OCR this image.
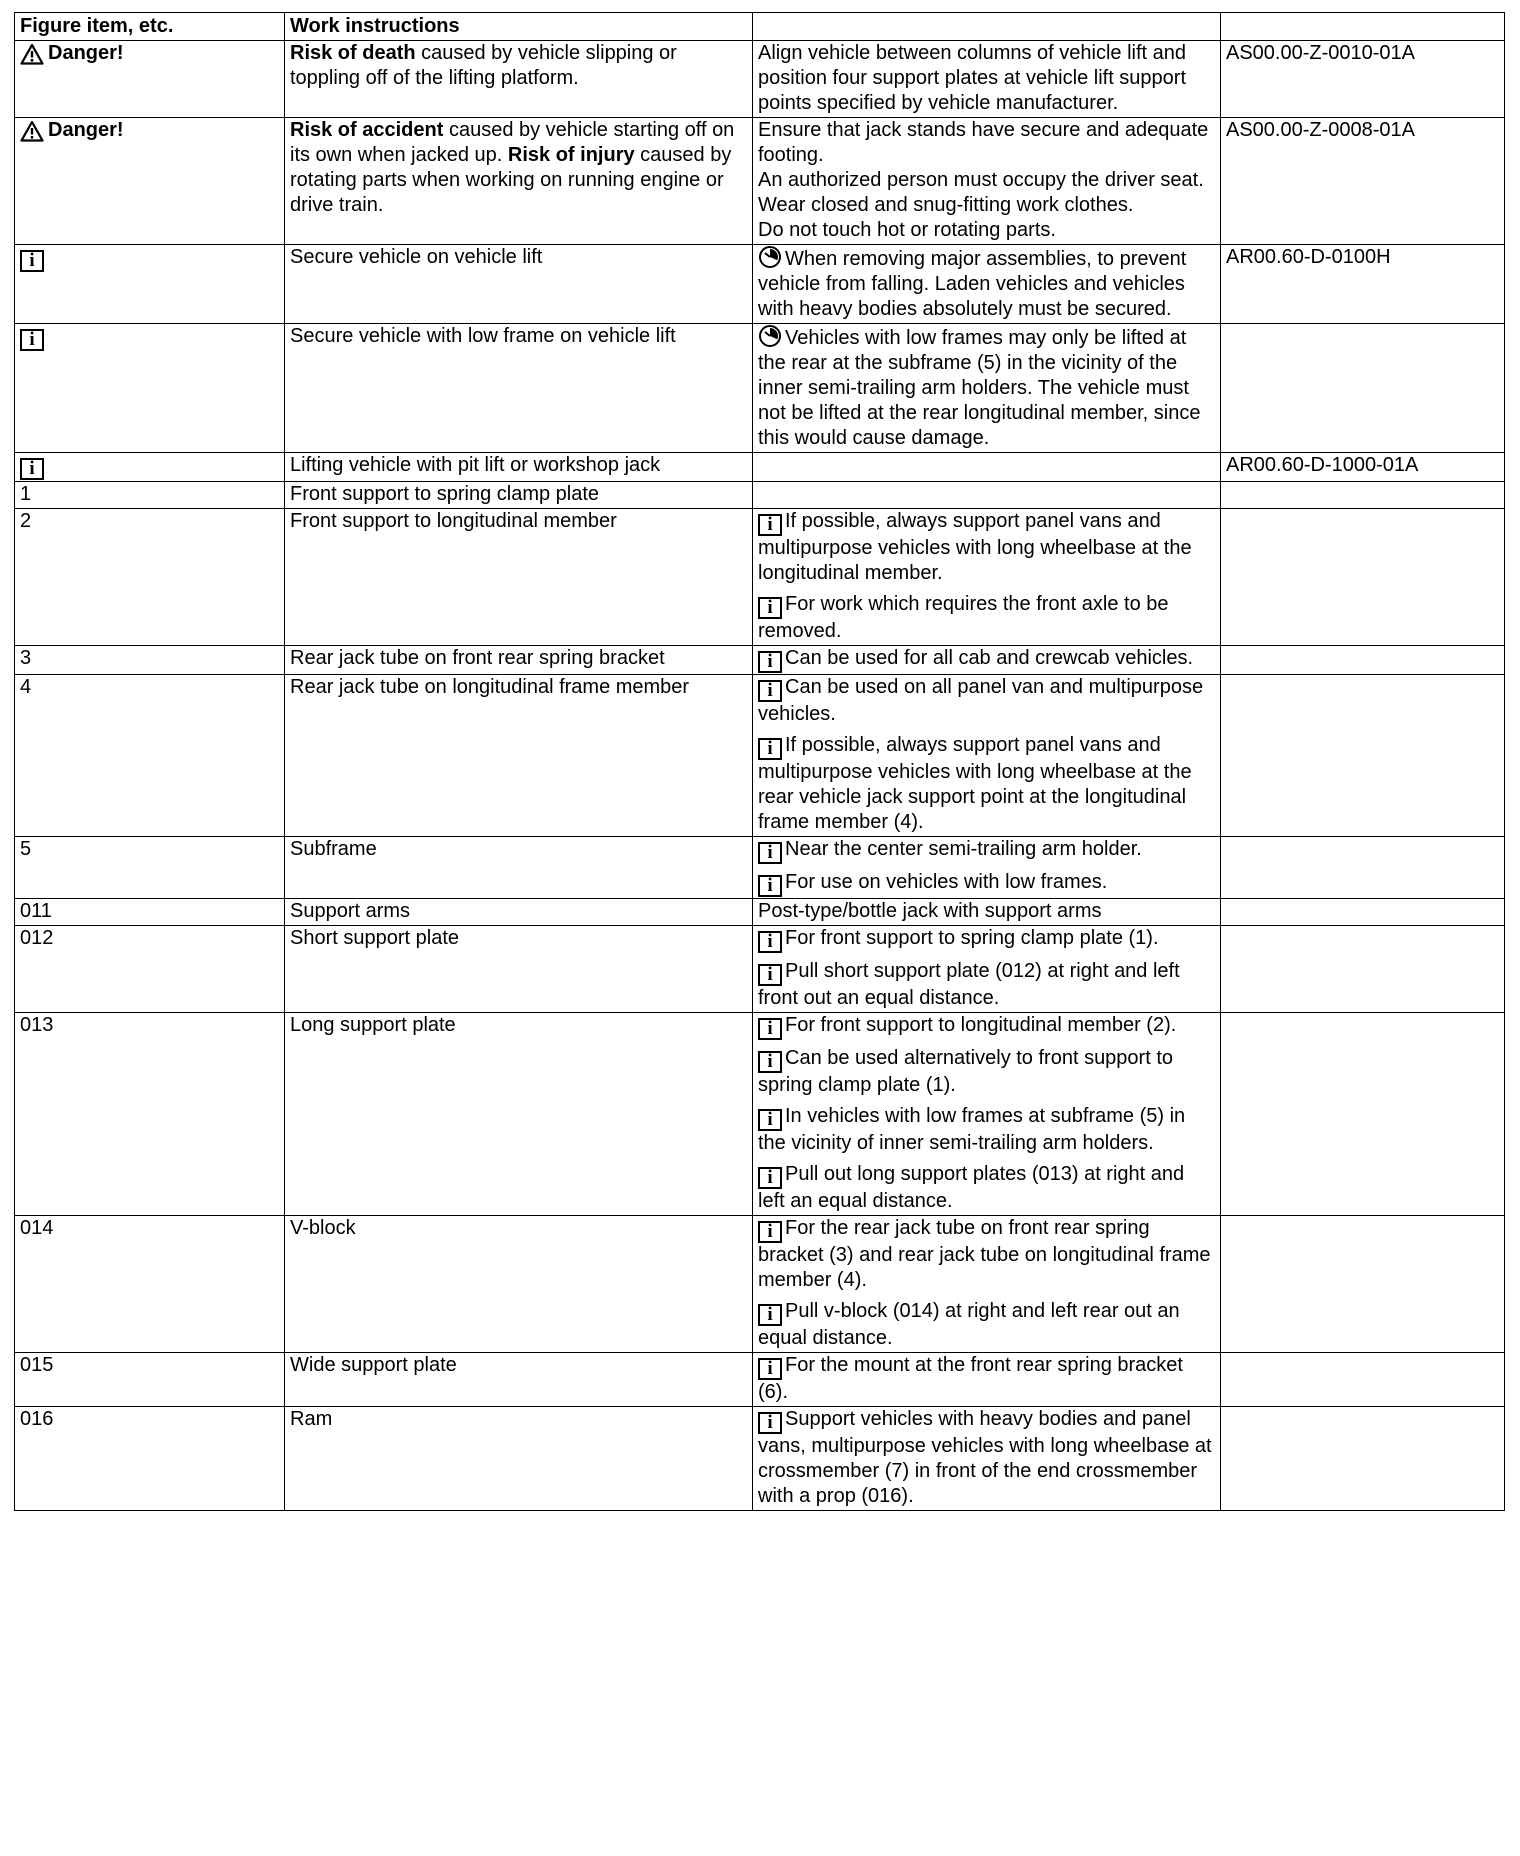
Figure item, etc.	Work instructions		

Danger!	Risk of death caused by vehicle slipping or toppling off of the lifting platform.	Align vehicle between columns of vehicle lift and position four support plates at vehicle lift support points specified by vehicle manufacturer.	AS00.00-Z-0010-01A

Danger!	Risk of accident caused by vehicle starting off on its own when jacked up. Risk of injury caused by rotating parts when working on running engine or drive train.	Ensure that jack stands have secure and adequate footing.
An authorized person must occupy the driver seat.
Wear closed and snug-fitting work clothes.
Do not touch hot or rotating parts.	AS00.00-Z-0008-01A
i	Secure vehicle on vehicle lift	When removing major assemblies, to prevent vehicle from falling. Laden vehicles and vehicles with heavy bodies absolutely must be secured.	AR00.60-D-0100H
i	Secure vehicle with low frame on vehicle lift	Vehicles with low frames may only be lifted at the rear at the subframe (5) in the vicinity of the inner semi-trailing arm holders. The vehicle must not be lifted at the rear longitudinal member, since this would cause damage.	

i	Lifting vehicle with pit lift or workshop jack		AR00.60-D-1000-01A
1	Front support to spring clamp plate		
2	Front support to longitudinal member	i If possible, always support panel vans and multipurpose vehicles with long wheelbase at the longitudinal member.
i For work which requires the front axle to be removed.	

3	Rear jack tube on front rear spring bracket	i Can be used for all cab and crewcab vehicles.	

4	Rear jack tube on longitudinal frame member	i Can be used on all panel van and multipurpose vehicles.
i If possible, always support panel vans and multipurpose vehicles with long wheelbase at the rear vehicle jack support point at the longitudinal frame member (4).	

5	Subframe	i Near the center semi-trailing arm holder.
i For use on vehicles with low frames.	

011	Support arms	Post-type/bottle jack with support arms	

012	Short support plate	i For front support to spring clamp plate (1).
i Pull short support plate (012) at right and left front out an equal distance.	

013	Long support plate	i For front support to longitudinal member (2).
i Can be used alternatively to front support to spring clamp plate (1).
i In vehicles with low frames at subframe (5) in the vicinity of inner semi-trailing arm holders.
i Pull out long support plates (013) at right and left an equal distance.	

014	V-block	i For the rear jack tube on front rear spring bracket (3) and rear jack tube on longitudinal frame member (4).
i Pull v-block (014) at right and left rear out an equal distance.	

015	Wide support plate	i For the mount at the front rear spring bracket (6).	

016	Ram	i Support vehicles with heavy bodies and panel vans, multipurpose vehicles with long wheelbase at crossmember (7) in front of the end crossmember with a prop (016).	
